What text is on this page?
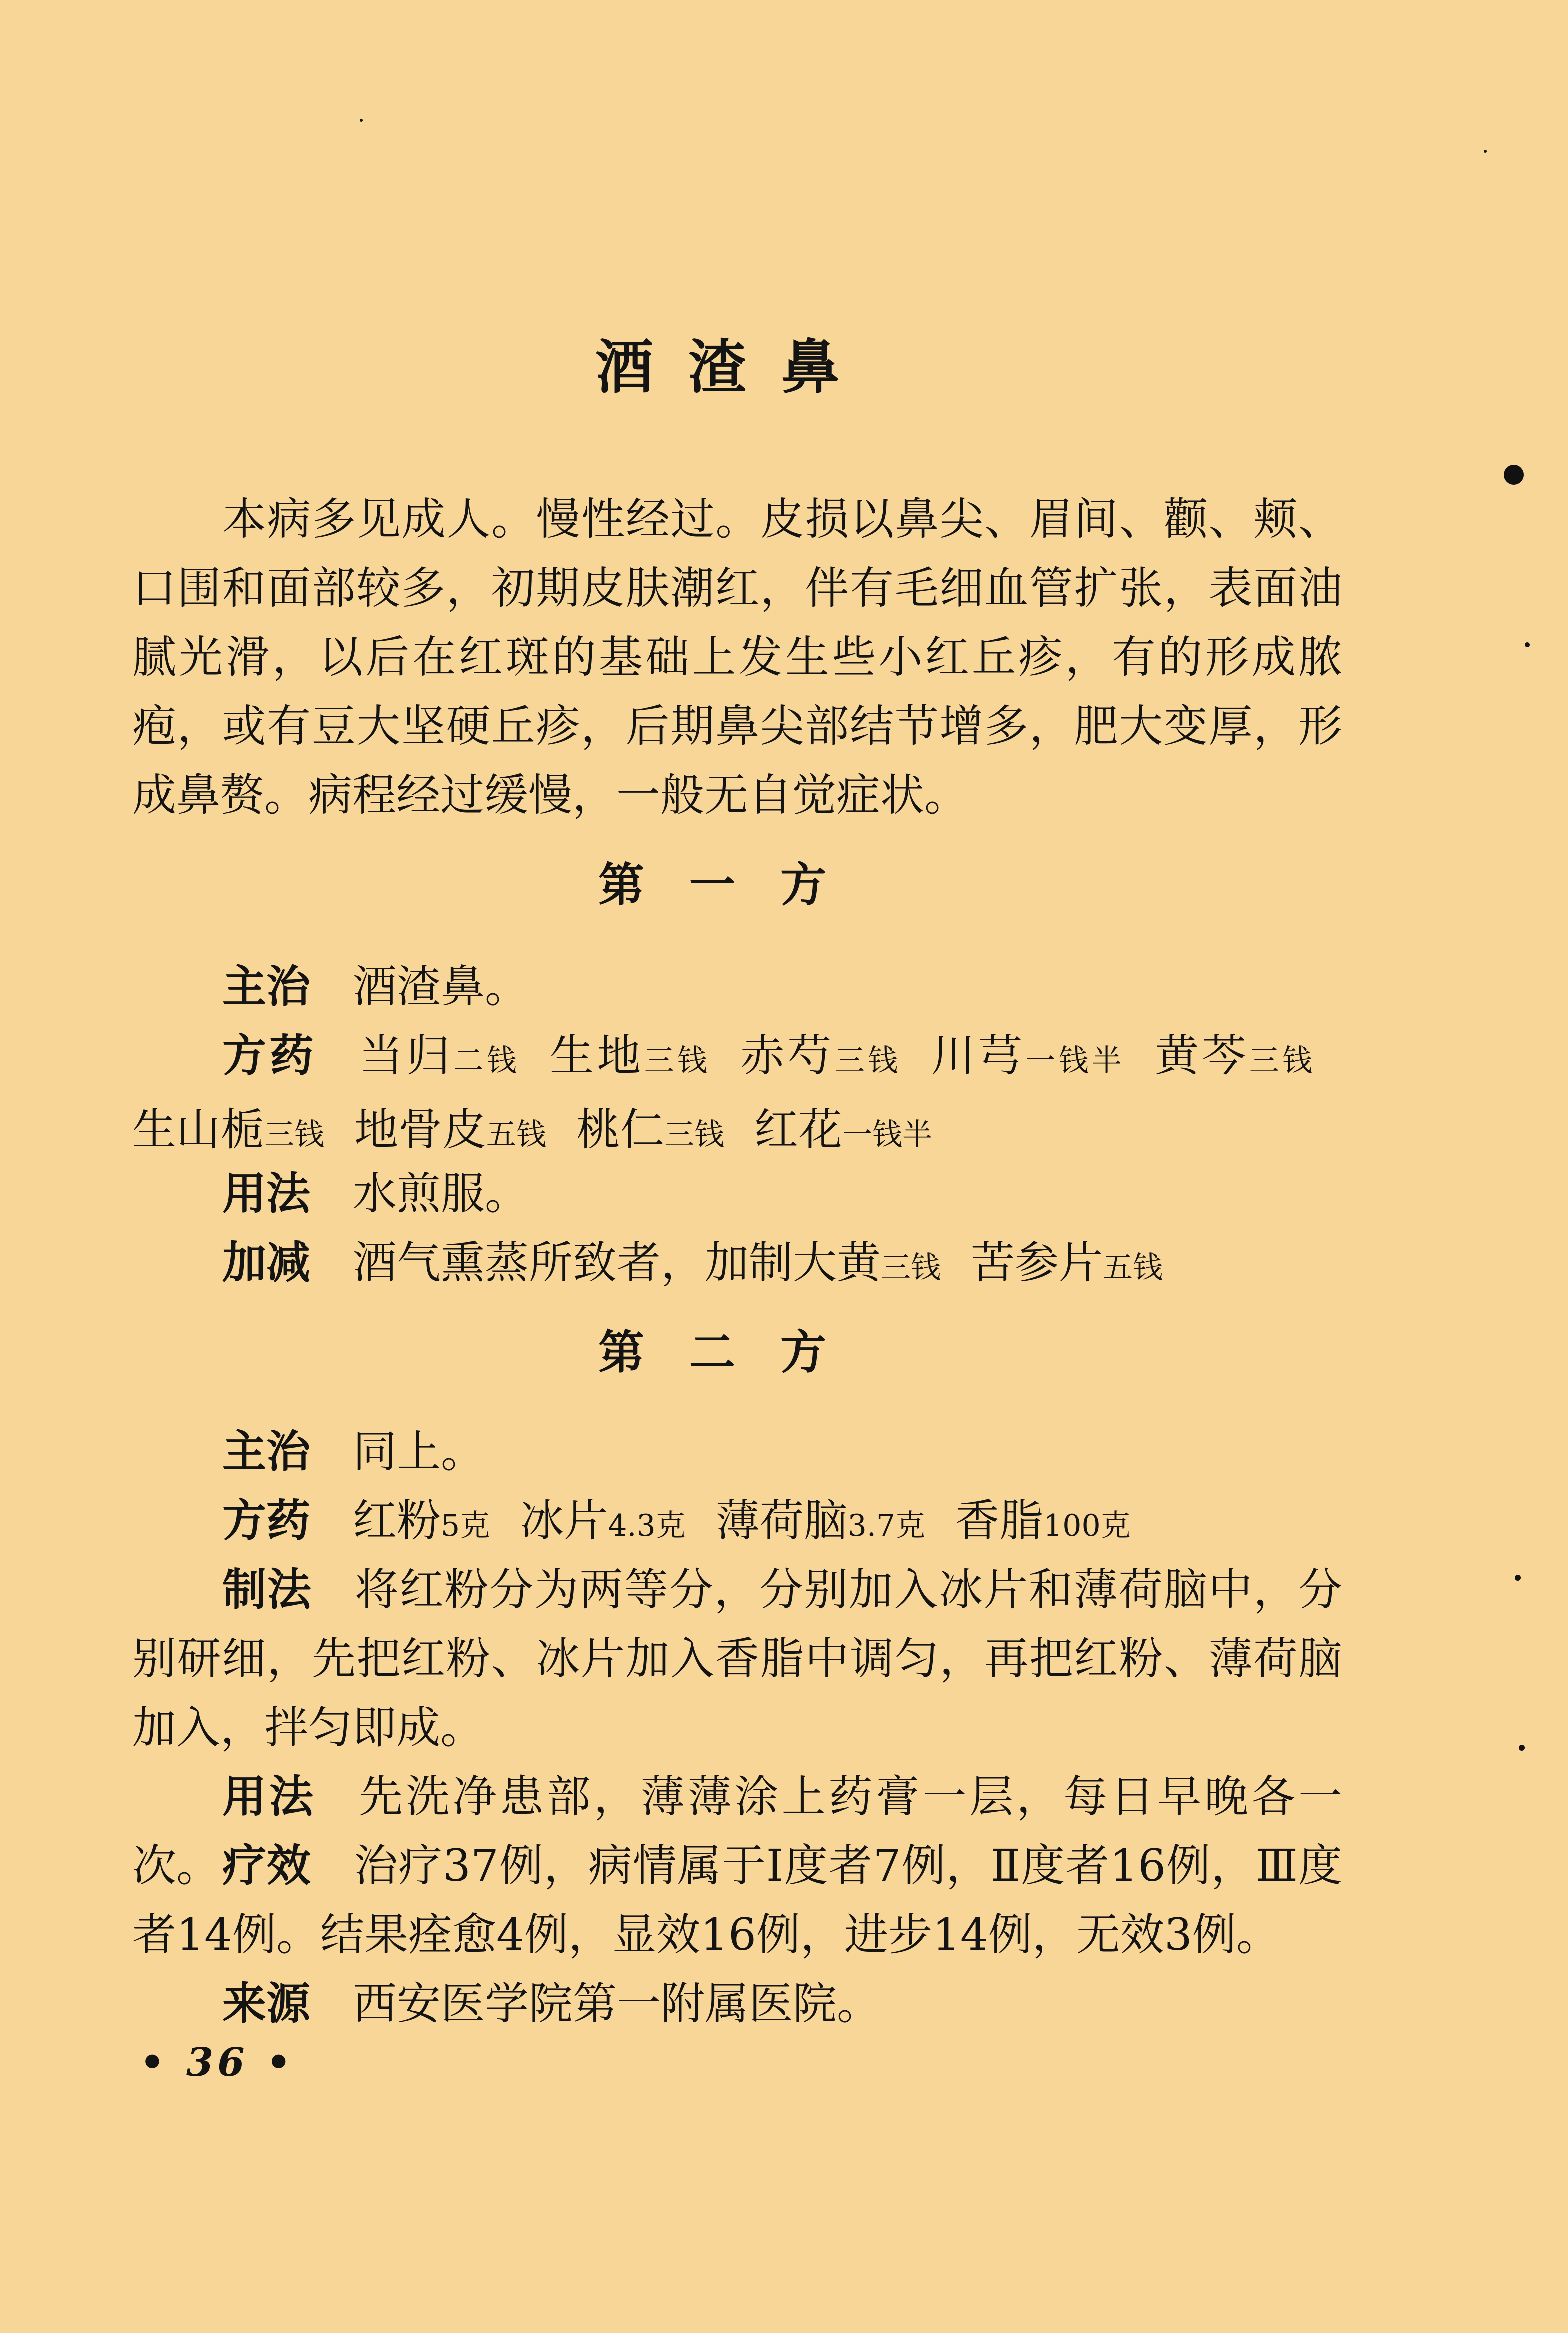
酒渣鼻

本病多见成人。慢性经过。皮损以鼻尖、眉间、颧、颊、口围和面部较多，初期皮肤潮红，伴有毛细血管扩张，表面油腻光滑，以后在红斑的基础上发生些小红丘疹，有的形成脓疱，或有豆大坚硬丘疹，后期鼻尖部结节增多，肥大变厚，形成鼻赘。病程经过缓慢，一般无自觉症状。

第一方

主治 酒渣鼻。

方药 当归二钱 生地三钱 赤芍三钱 川芎一钱半 黄芩三钱生山栀三钱 地骨皮五钱 桃仁三钱 红花一钱半

用法 水煎服。

加减 酒气熏蒸所致者，加制大黄三钱 苦参片五钱

第二方

主治 同上。

方药 红粉5克 冰片4.3克 薄荷脑3.7克 香脂100克

制法 将红粉分为两等分，分别加入冰片和薄荷脑中，分别研细，先把红粉、冰片加入香脂中调匀，再把红粉、薄荷脑加入，拌匀即成。

用法 先洗净患部，薄薄涂上药膏一层，每日早晚各一次。 疗效 治疗37例，病情属于Ⅰ度者7例，Ⅱ度者16例，Ⅲ度者14例。结果痊愈4例，显效16例，进步14例，无效3例。

来源 西安医学院第一附属医院。

• 36 •
